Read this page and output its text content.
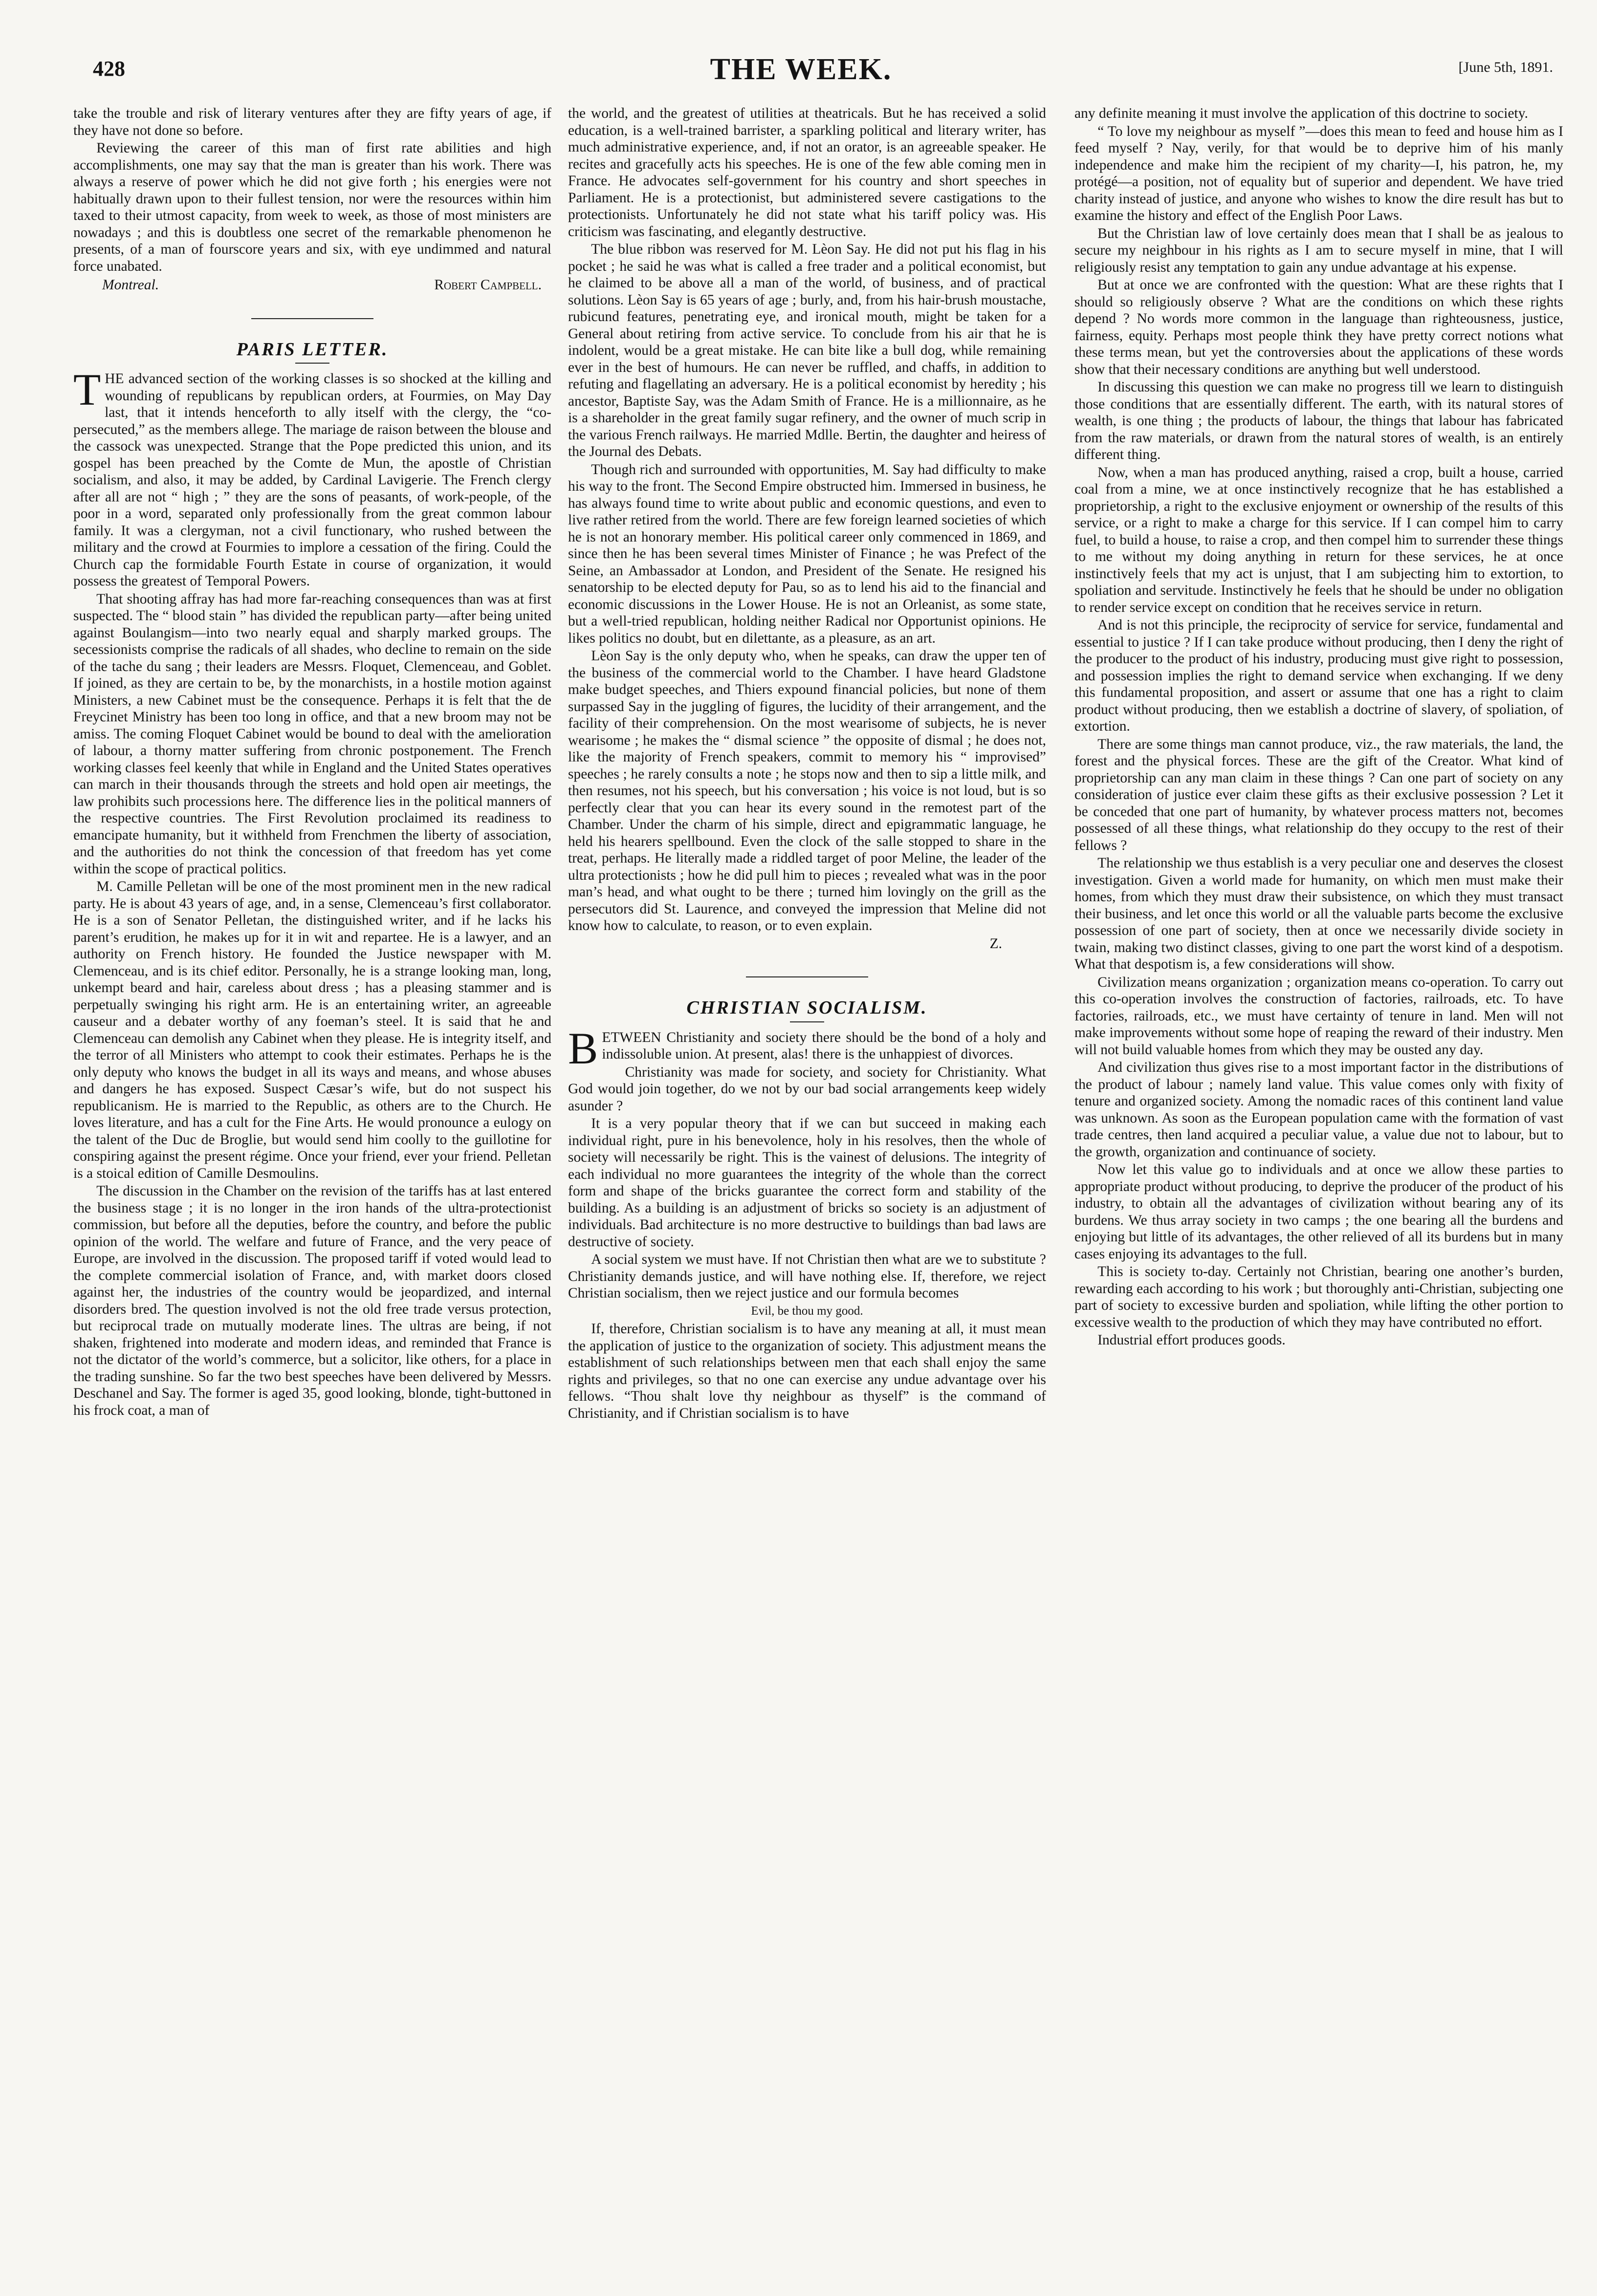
428	THE WEEK.	[June 5th, 1891.

take the trouble and risk of literary ventures after they are fifty years of age, if they have not done so before.

Reviewing the career of this man of first rate abilities and high accomplishments, one may say that the man is greater than his work. There was always a reserve of power which he did not give forth ; his energies were not habitually drawn upon to their fullest tension, nor were the resources within him taxed to their utmost capacity, from week to week, as those of most ministers are nowadays ; and this is doubtless one secret of the remarkable phenomenon he presents, of a man of fourscore years and six, with eye undimmed and natural force unabated.

Montreal.	Robert Campbell.
PARIS LETTER.

THE advanced section of the working classes is so shocked at the killing and wounding of republicans by republican orders, at Fourmies, on May Day last, that it intends henceforth to ally itself with the clergy, the “co-persecuted,” as the members allege. The mariage de raison between the blouse and the cassock was unexpected. Strange that the Pope predicted this union, and its gospel has been preached by the Comte de Mun, the apostle of Christian socialism, and also, it may be added, by Cardinal Lavigerie. The French clergy after all are not “ high ; ” they are the sons of peasants, of work-people, of the poor in a word, separated only professionally from the great common labour family. It was a clergyman, not a civil functionary, who rushed between the military and the crowd at Fourmies to implore a cessation of the firing. Could the Church cap the formidable Fourth Estate in course of organization, it would possess the greatest of Temporal Powers.

That shooting affray has had more far-reaching consequences than was at first suspected. The “ blood stain ” has divided the republican party—after being united against Boulangism—into two nearly equal and sharply marked groups. The secessionists comprise the radicals of all shades, who decline to remain on the side of the tache du sang ; their leaders are Messrs. Floquet, Clemenceau, and Goblet. If joined, as they are certain to be, by the monarchists, in a hostile motion against Ministers, a new Cabinet must be the consequence. Perhaps it is felt that the de Freycinet Ministry has been too long in office, and that a new broom may not be amiss. The coming Floquet Cabinet would be bound to deal with the amelioration of labour, a thorny matter suffering from chronic postponement. The French working classes feel keenly that while in England and the United States operatives can march in their thousands through the streets and hold open air meetings, the law prohibits such processions here. The difference lies in the political manners of the respective countries. The First Revolution proclaimed its readiness to emancipate humanity, but it withheld from Frenchmen the liberty of association, and the authorities do not think the concession of that freedom has yet come within the scope of practical politics.

M. Camille Pelletan will be one of the most prominent men in the new radical party. He is about 43 years of age, and, in a sense, Clemenceau’s first collaborator. He is a son of Senator Pelletan, the distinguished writer, and if he lacks his parent’s erudition, he makes up for it in wit and repartee. He is a lawyer, and an authority on French history. He founded the Justice newspaper with M. Clemenceau, and is its chief editor. Personally, he is a strange looking man, long, unkempt beard and hair, careless about dress ; has a pleasing stammer and is perpetually swinging his right arm. He is an entertaining writer, an agreeable causeur and a debater worthy of any foeman’s steel. It is said that he and Clemenceau can demolish any Cabinet when they please. He is integrity itself, and the terror of all Ministers who attempt to cook their estimates. Perhaps he is the only deputy who knows the budget in all its ways and means, and whose abuses and dangers he has exposed. Suspect Cæsar’s wife, but do not suspect his republicanism. He is married to the Republic, as others are to the Church. He loves literature, and has a cult for the Fine Arts. He would pronounce a eulogy on the talent of the Duc de Broglie, but would send him coolly to the guillotine for conspiring against the present régime. Once your friend, ever your friend. Pelletan is a stoical edition of Camille Desmoulins.

The discussion in the Chamber on the revision of the tariffs has at last entered the business stage ; it is no longer in the iron hands of the ultra-protectionist commission, but before all the deputies, before the country, and before the public opinion of the world. The welfare and future of France, and the very peace of Europe, are involved in the discussion. The proposed tariff if voted would lead to the complete commercial isolation of France, and, with market doors closed against her, the industries of the country would be jeopardized, and internal disorders bred. The question involved is not the old free trade versus protection, but reciprocal trade on mutually moderate lines. The ultras are being, if not shaken, frightened into moderate and modern ideas, and reminded that France is not the dictator of the world’s commerce, but a solicitor, like others, for a place in the trading sunshine. So far the two best speeches have been delivered by Messrs. Deschanel and Say. The former is aged 35, good looking, blonde, tight-buttoned in his frock coat, a man of

the world, and the greatest of utilities at theatricals. But he has received a solid education, is a well-trained barrister, a sparkling political and literary writer, has much administrative experience, and, if not an orator, is an agreeable speaker. He recites and gracefully acts his speeches. He is one of the few able coming men in France. He advocates self-government for his country and short speeches in Parliament. He is a protectionist, but administered severe castigations to the protectionists. Unfortunately he did not state what his tariff policy was. His criticism was fascinating, and elegantly destructive.

The blue ribbon was reserved for M. Lèon Say. He did not put his flag in his pocket ; he said he was what is called a free trader and a political economist, but he claimed to be above all a man of the world, of business, and of practical solutions. Lèon Say is 65 years of age ; burly, and, from his hair-brush moustache, rubicund features, penetrating eye, and ironical mouth, might be taken for a General about retiring from active service. To conclude from his air that he is indolent, would be a great mistake. He can bite like a bull dog, while remaining ever in the best of humours. He can never be ruffled, and chaffs, in addition to refuting and flagellating an adversary. He is a political economist by heredity ; his ancestor, Baptiste Say, was the Adam Smith of France. He is a millionnaire, as he is a shareholder in the great family sugar refinery, and the owner of much scrip in the various French railways. He married Mdlle. Bertin, the daughter and heiress of the Journal des Debats.

Though rich and surrounded with opportunities, M. Say had difficulty to make his way to the front. The Second Empire obstructed him. Immersed in business, he has always found time to write about public and economic questions, and even to live rather retired from the world. There are few foreign learned societies of which he is not an honorary member. His political career only commenced in 1869, and since then he has been several times Minister of Finance ; he was Prefect of the Seine, an Ambassador at London, and President of the Senate. He resigned his senatorship to be elected deputy for Pau, so as to lend his aid to the financial and economic discussions in the Lower House. He is not an Orleanist, as some state, but a well-tried republican, holding neither Radical nor Opportunist opinions. He likes politics no doubt, but en dilettante, as a pleasure, as an art.

Lèon Say is the only deputy who, when he speaks, can draw the upper ten of the business of the commercial world to the Chamber. I have heard Gladstone make budget speeches, and Thiers expound financial policies, but none of them surpassed Say in the juggling of figures, the lucidity of their arrangement, and the facility of their comprehension. On the most wearisome of subjects, he is never wearisome ; he makes the “ dismal science ” the opposite of dismal ; he does not, like the majority of French speakers, commit to memory his “ improvised” speeches ; he rarely consults a note ; he stops now and then to sip a little milk, and then resumes, not his speech, but his conversation ; his voice is not loud, but is so perfectly clear that you can hear its every sound in the remotest part of the Chamber. Under the charm of his simple, direct and epigrammatic language, he held his hearers spellbound. Even the clock of the salle stopped to share in the treat, perhaps. He literally made a riddled target of poor Meline, the leader of the ultra protectionists ; how he did pull him to pieces ; revealed what was in the poor man’s head, and what ought to be there ; turned him lovingly on the grill as the persecutors did St. Laurence, and conveyed the impression that Meline did not know how to calculate, to reason, or to even explain.

Z.
CHRISTIAN SOCIALISM.

BETWEEN Christianity and society there should be the bond of a holy and indissoluble union. At present, alas! there is the unhappiest of divorces.

Christianity was made for society, and society for Christianity. What God would join together, do we not by our bad social arrangements keep widely asunder ?

It is a very popular theory that if we can but succeed in making each individual right, pure in his benevolence, holy in his resolves, then the whole of society will necessarily be right. This is the vainest of delusions. The integrity of each individual no more guarantees the integrity of the whole than the correct form and shape of the bricks guarantee the correct form and stability of the building. As a building is an adjustment of bricks so society is an adjustment of individuals. Bad architecture is no more destructive to buildings than bad laws are destructive of society.

A social system we must have. If not Christian then what are we to substitute ? Christianity demands justice, and will have nothing else. If, therefore, we reject Christian socialism, then we reject justice and our formula becomes

Evil, be thou my good.

If, therefore, Christian socialism is to have any meaning at all, it must mean the application of justice to the organization of society. This adjustment means the establishment of such relationships between men that each shall enjoy the same rights and privileges, so that no one can exercise any undue advantage over his fellows. “Thou shalt love thy neighbour as thyself” is the command of Christianity, and if Christian socialism is to have

any definite meaning it must involve the application of this doctrine to society.

“ To love my neighbour as myself ”—does this mean to feed and house him as I feed myself ? Nay, verily, for that would be to deprive him of his manly independence and make him the recipient of my charity—I, his patron, he, my protégé—a position, not of equality but of superior and dependent. We have tried charity instead of justice, and anyone who wishes to know the dire result has but to examine the history and effect of the English Poor Laws.

But the Christian law of love certainly does mean that I shall be as jealous to secure my neighbour in his rights as I am to secure myself in mine, that I will religiously resist any temptation to gain any undue advantage at his expense.

But at once we are confronted with the question: What are these rights that I should so religiously observe ? What are the conditions on which these rights depend ? No words more common in the language than righteousness, justice, fairness, equity. Perhaps most people think they have pretty correct notions what these terms mean, but yet the controversies about the applications of these words show that their necessary conditions are anything but well understood.

In discussing this question we can make no progress till we learn to distinguish those conditions that are essentially different. The earth, with its natural stores of wealth, is one thing ; the products of labour, the things that labour has fabricated from the raw materials, or drawn from the natural stores of wealth, is an entirely different thing.

Now, when a man has produced anything, raised a crop, built a house, carried coal from a mine, we at once instinctively recognize that he has established a proprietorship, a right to the exclusive enjoyment or ownership of the results of this service, or a right to make a charge for this service. If I can compel him to carry fuel, to build a house, to raise a crop, and then compel him to surrender these things to me without my doing anything in return for these services, he at once instinctively feels that my act is unjust, that I am subjecting him to extortion, to spoliation and servitude. Instinctively he feels that he should be under no obligation to render service except on condition that he receives service in return.

And is not this principle, the reciprocity of service for service, fundamental and essential to justice ? If I can take produce without producing, then I deny the right of the producer to the product of his industry, producing must give right to possession, and possession implies the right to demand service when exchanging. If we deny this fundamental proposition, and assert or assume that one has a right to claim product without producing, then we establish a doctrine of slavery, of spoliation, of extortion.

There are some things man cannot produce, viz., the raw materials, the land, the forest and the physical forces. These are the gift of the Creator. What kind of proprietorship can any man claim in these things ? Can one part of society on any consideration of justice ever claim these gifts as their exclusive possession ? Let it be conceded that one part of humanity, by whatever process matters not, becomes possessed of all these things, what relationship do they occupy to the rest of their fellows ?

The relationship we thus establish is a very peculiar one and deserves the closest investigation. Given a world made for humanity, on which men must make their homes, from which they must draw their subsistence, on which they must transact their business, and let once this world or all the valuable parts become the exclusive possession of one part of society, then at once we necessarily divide society in twain, making two distinct classes, giving to one part the worst kind of a despotism. What that despotism is, a few considerations will show.

Civilization means organization ; organization means co-operation. To carry out this co-operation involves the construction of factories, railroads, etc. To have factories, railroads, etc., we must have certainty of tenure in land. Men will not make improvements without some hope of reaping the reward of their industry. Men will not build valuable homes from which they may be ousted any day.

And civilization thus gives rise to a most important factor in the distributions of the product of labour ; namely land value. This value comes only with fixity of tenure and organized society. Among the nomadic races of this continent land value was unknown. As soon as the European population came with the formation of vast trade centres, then land acquired a peculiar value, a value due not to labour, but to the growth, organization and continuance of society.

Now let this value go to individuals and at once we allow these parties to appropriate product without producing, to deprive the producer of the product of his industry, to obtain all the advantages of civilization without bearing any of its burdens. We thus array society in two camps ; the one bearing all the burdens and enjoying but little of its advantages, the other relieved of all its burdens but in many cases enjoying its advantages to the full.

This is society to-day. Certainly not Christian, bearing one another’s burden, rewarding each according to his work ; but thoroughly anti-Christian, subjecting one part of society to excessive burden and spoliation, while lifting the other portion to excessive wealth to the production of which they may have contributed no effort.

Industrial effort produces goods.
